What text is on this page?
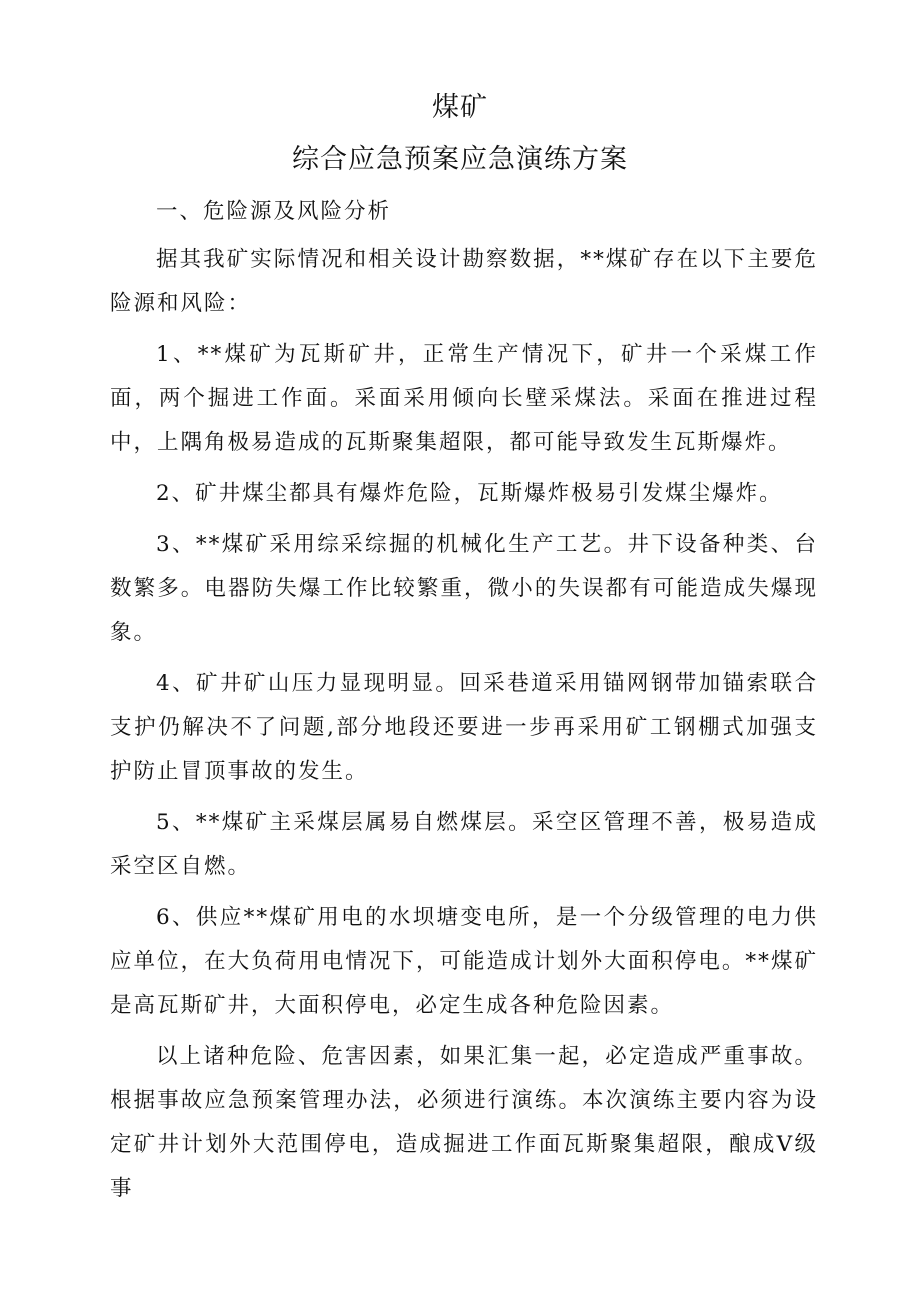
煤矿
综合应急预案应急演练方案

一、危险源及风险分析

据其我矿实际情况和相关设计勘察数据，**煤矿存在以下主要危险源和风险：

1、**煤矿为瓦斯矿井，正常生产情况下，矿井一个采煤工作面，两个掘进工作面。采面采用倾向长壁采煤法。采面在推进过程中，上隅角极易造成的瓦斯聚集超限，都可能导致发生瓦斯爆炸。

2、矿井煤尘都具有爆炸危险，瓦斯爆炸极易引发煤尘爆炸。

3、**煤矿采用综采综掘的机械化生产工艺。井下设备种类、台数繁多。电器防失爆工作比较繁重，微小的失误都有可能造成失爆现象。

4、矿井矿山压力显现明显。回采巷道采用锚网钢带加锚索联合支护仍解决不了问题,部分地段还要进一步再采用矿工钢棚式加强支护防止冒顶事故的发生。

5、**煤矿主采煤层属易自燃煤层。采空区管理不善，极易造成采空区自燃。

6、供应**煤矿用电的水坝塘变电所，是一个分级管理的电力供应单位，在大负荷用电情况下，可能造成计划外大面积停电。**煤矿是高瓦斯矿井，大面积停电，必定生成各种危险因素。

以上诸种危险、危害因素，如果汇集一起，必定造成严重事故。根据事故应急预案管理办法，必须进行演练。本次演练主要内容为设定矿井计划外大范围停电，造成掘进工作面瓦斯聚集超限，酿成Ⅴ级事
